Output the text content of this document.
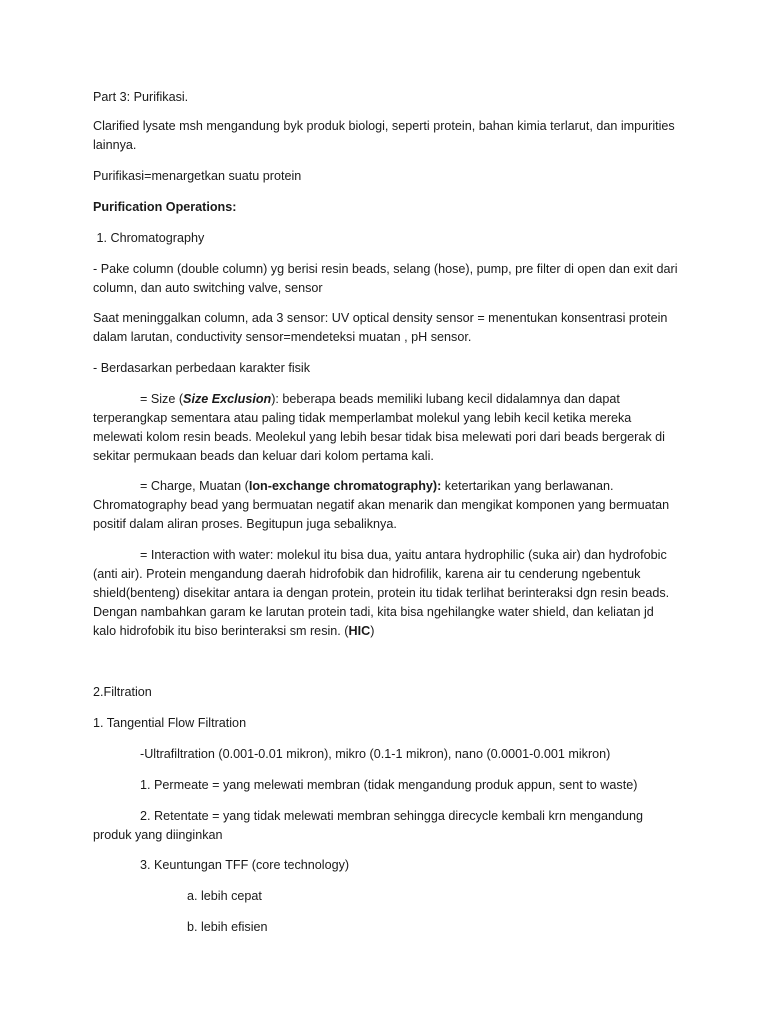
Part 3: Purifikasi.

Clarified lysate msh mengandung byk produk biologi, seperti protein, bahan kimia terlarut, dan impurities lainnya.

Purifikasi=menargetkan suatu protein

Purification Operations:

1. Chromatography

- Pake column (double column) yg berisi resin beads, selang (hose), pump, pre filter di open dan exit dari column, dan auto switching valve, sensor

Saat meninggalkan column, ada 3 sensor: UV optical density sensor = menentukan konsentrasi protein dalam larutan, conductivity sensor=mendeteksi muatan , pH sensor.

- Berdasarkan perbedaan karakter fisik

= Size (Size Exclusion): beberapa beads memiliki lubang kecil didalamnya dan dapat terperangkap sementara atau paling tidak memperlambat molekul yang lebih kecil ketika mereka melewati kolom resin beads. Meolekul yang lebih besar tidak bisa melewati pori dari beads bergerak di sekitar permukaan beads dan keluar dari kolom pertama kali.

= Charge, Muatan (Ion-exchange chromatography): ketertarikan yang berlawanan. Chromatography bead yang bermuatan negatif akan menarik dan mengikat komponen yang bermuatan positif dalam aliran proses. Begitupun juga sebaliknya.

= Interaction with water: molekul itu bisa dua, yaitu antara hydrophilic (suka air) dan hydrofobic (anti air). Protein mengandung daerah hidrofobik dan hidrofilik, karena air tu cenderung ngebentuk shield(benteng) disekitar antara ia dengan protein, protein itu tidak terlihat berinteraksi dgn resin beads. Dengan nambahkan garam ke larutan protein tadi, kita bisa ngehilangke water shield, dan keliatan jd kalo hidrofobik itu biso berinteraksi sm resin. (HIC)

2.Filtration

1. Tangential Flow Filtration

-Ultrafiltration (0.001-0.01 mikron), mikro (0.1-1 mikron), nano (0.0001-0.001 mikron)

1. Permeate = yang melewati membran (tidak mengandung produk appun, sent to waste)

2. Retentate = yang tidak melewati membran sehingga direcycle kembali krn mengandung produk yang diinginkan

3. Keuntungan TFF (core technology)

a. lebih cepat

b. lebih efisien
